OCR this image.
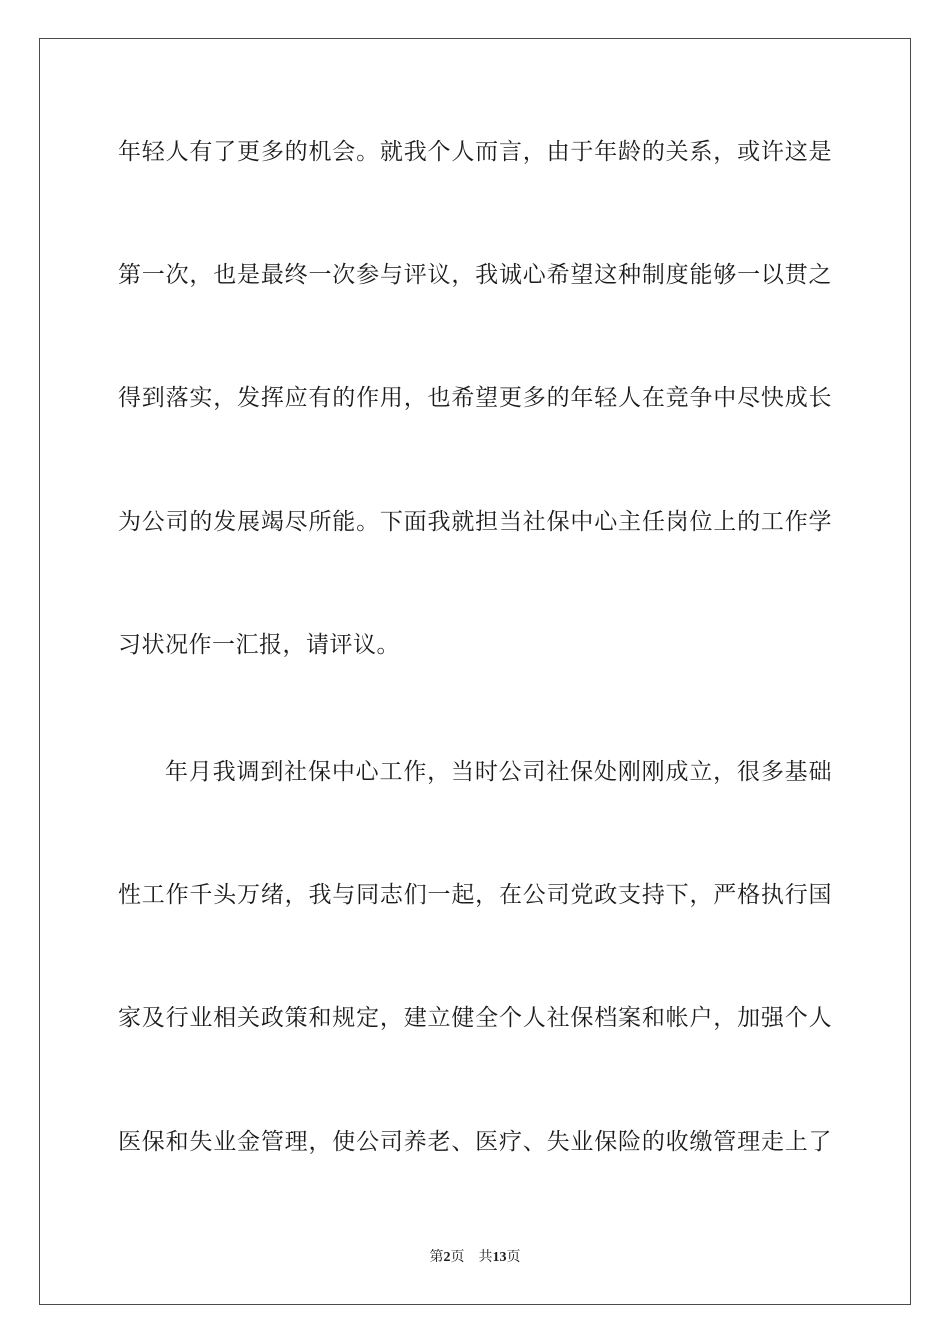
年轻人有了更多的机会。就我个人而言，由于年龄的关系，或许这是
第一次，也是最终一次参与评议，我诚心希望这种制度能够一以贯之
得到落实，发挥应有的作用，也希望更多的年轻人在竞争中尽快成长
为公司的发展竭尽所能。下面我就担当社保中心主任岗位上的工作学
习状况作一汇报，请评议。
年月我调到社保中心工作，当时公司社保处刚刚成立，很多基础
性工作千头万绪，我与同志们一起，在公司党政支持下，严格执行国
家及行业相关政策和规定，建立健全个人社保档案和帐户，加强个人
医保和失业金管理，使公司养老、医疗、失业保险的收缴管理走上了
第2页 共13页
